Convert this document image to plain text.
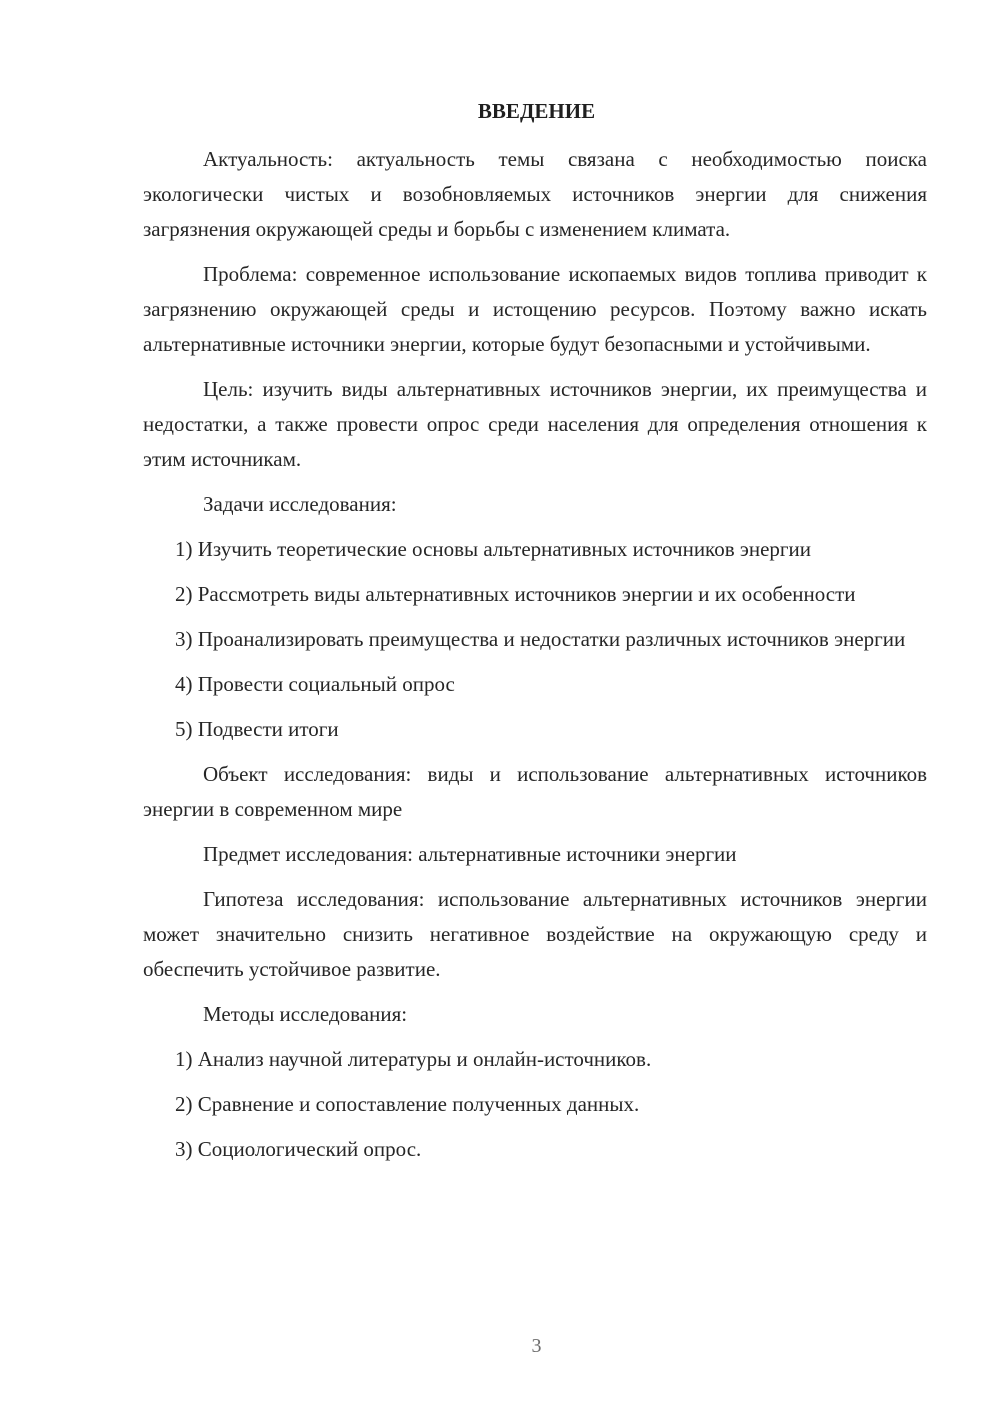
ВВЕДЕНИЕ

Актуальность: актуальность темы связана с необходимостью поиска экологически чистых и возобновляемых источников энергии для снижения загрязнения окружающей среды и борьбы с изменением климата.

Проблема: современное использование ископаемых видов топлива приводит к загрязнению окружающей среды и истощению ресурсов. Поэтому важно искать альтернативные источники энергии, которые будут безопасными и устойчивыми.

Цель: изучить виды альтернативных источников энергии, их преимущества и недостатки, а также провести опрос среди населения для определения отношения к этим источникам.

Задачи исследования:

1) Изучить теоретические основы альтернативных источников энергии

2) Рассмотреть виды альтернативных источников энергии и их особенности

3) Проанализировать преимущества и недостатки различных источников энергии

4) Провести социальный опрос

5) Подвести итоги

Объект исследования: виды и использование альтернативных источников энергии в современном мире

Предмет исследования: альтернативные источники энергии

Гипотеза исследования: использование альтернативных источников энергии может значительно снизить негативное воздействие на окружающую среду и обеспечить устойчивое развитие.

Методы исследования:

1) Анализ научной литературы и онлайн-источников.

2) Сравнение и сопоставление полученных данных.

3) Социологический опрос.

3
